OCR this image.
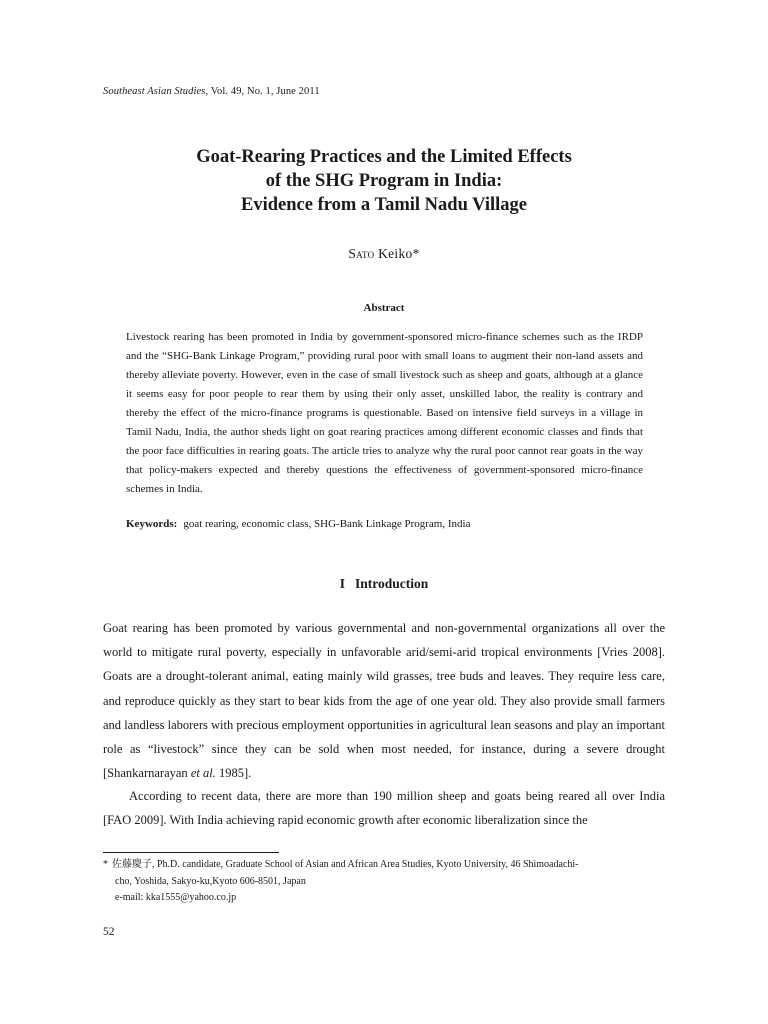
Southeast Asian Studies, Vol. 49, No. 1, June 2011
Goat-Rearing Practices and the Limited Effects
of the SHG Program in India:
Evidence from a Tamil Nadu Village
Sato Keiko*
Abstract
Livestock rearing has been promoted in India by government-sponsored micro-finance schemes such as the IRDP and the “SHG-Bank Linkage Program,” providing rural poor with small loans to augment their non-land assets and thereby alleviate poverty. However, even in the case of small livestock such as sheep and goats, although at a glance it seems easy for poor people to rear them by using their only asset, unskilled labor, the reality is contrary and thereby the effect of the micro-finance programs is questionable. Based on intensive field surveys in a village in Tamil Nadu, India, the author sheds light on goat rearing practices among different economic classes and finds that the poor face difficulties in rearing goats. The article tries to analyze why the rural poor cannot rear goats in the way that policy-makers expected and thereby questions the effectiveness of government-sponsored micro-finance schemes in India.
Keywords: goat rearing, economic class, SHG-Bank Linkage Program, India
I Introduction
Goat rearing has been promoted by various governmental and non-governmental organizations all over the world to mitigate rural poverty, especially in unfavorable arid/semi-arid tropical environments [Vries 2008]. Goats are a drought-tolerant animal, eating mainly wild grasses, tree buds and leaves. They require less care, and reproduce quickly as they start to bear kids from the age of one year old. They also provide small farmers and landless laborers with precious employment opportunities in agricultural lean seasons and play an important role as “livestock” since they can be sold when most needed, for instance, during a severe drought [Shankarnarayan et al. 1985].
According to recent data, there are more than 190 million sheep and goats being reared all over India [FAO 2009]. With India achieving rapid economic growth after economic liberalization since the
* 佐藤慶子, Ph.D. candidate, Graduate School of Asian and African Area Studies, Kyoto University, 46 Shimoadachi-
cho, Yoshida, Sakyo-ku,Kyoto 606-8501, Japan
e-mail: kka1555@yahoo.co.jp
52
